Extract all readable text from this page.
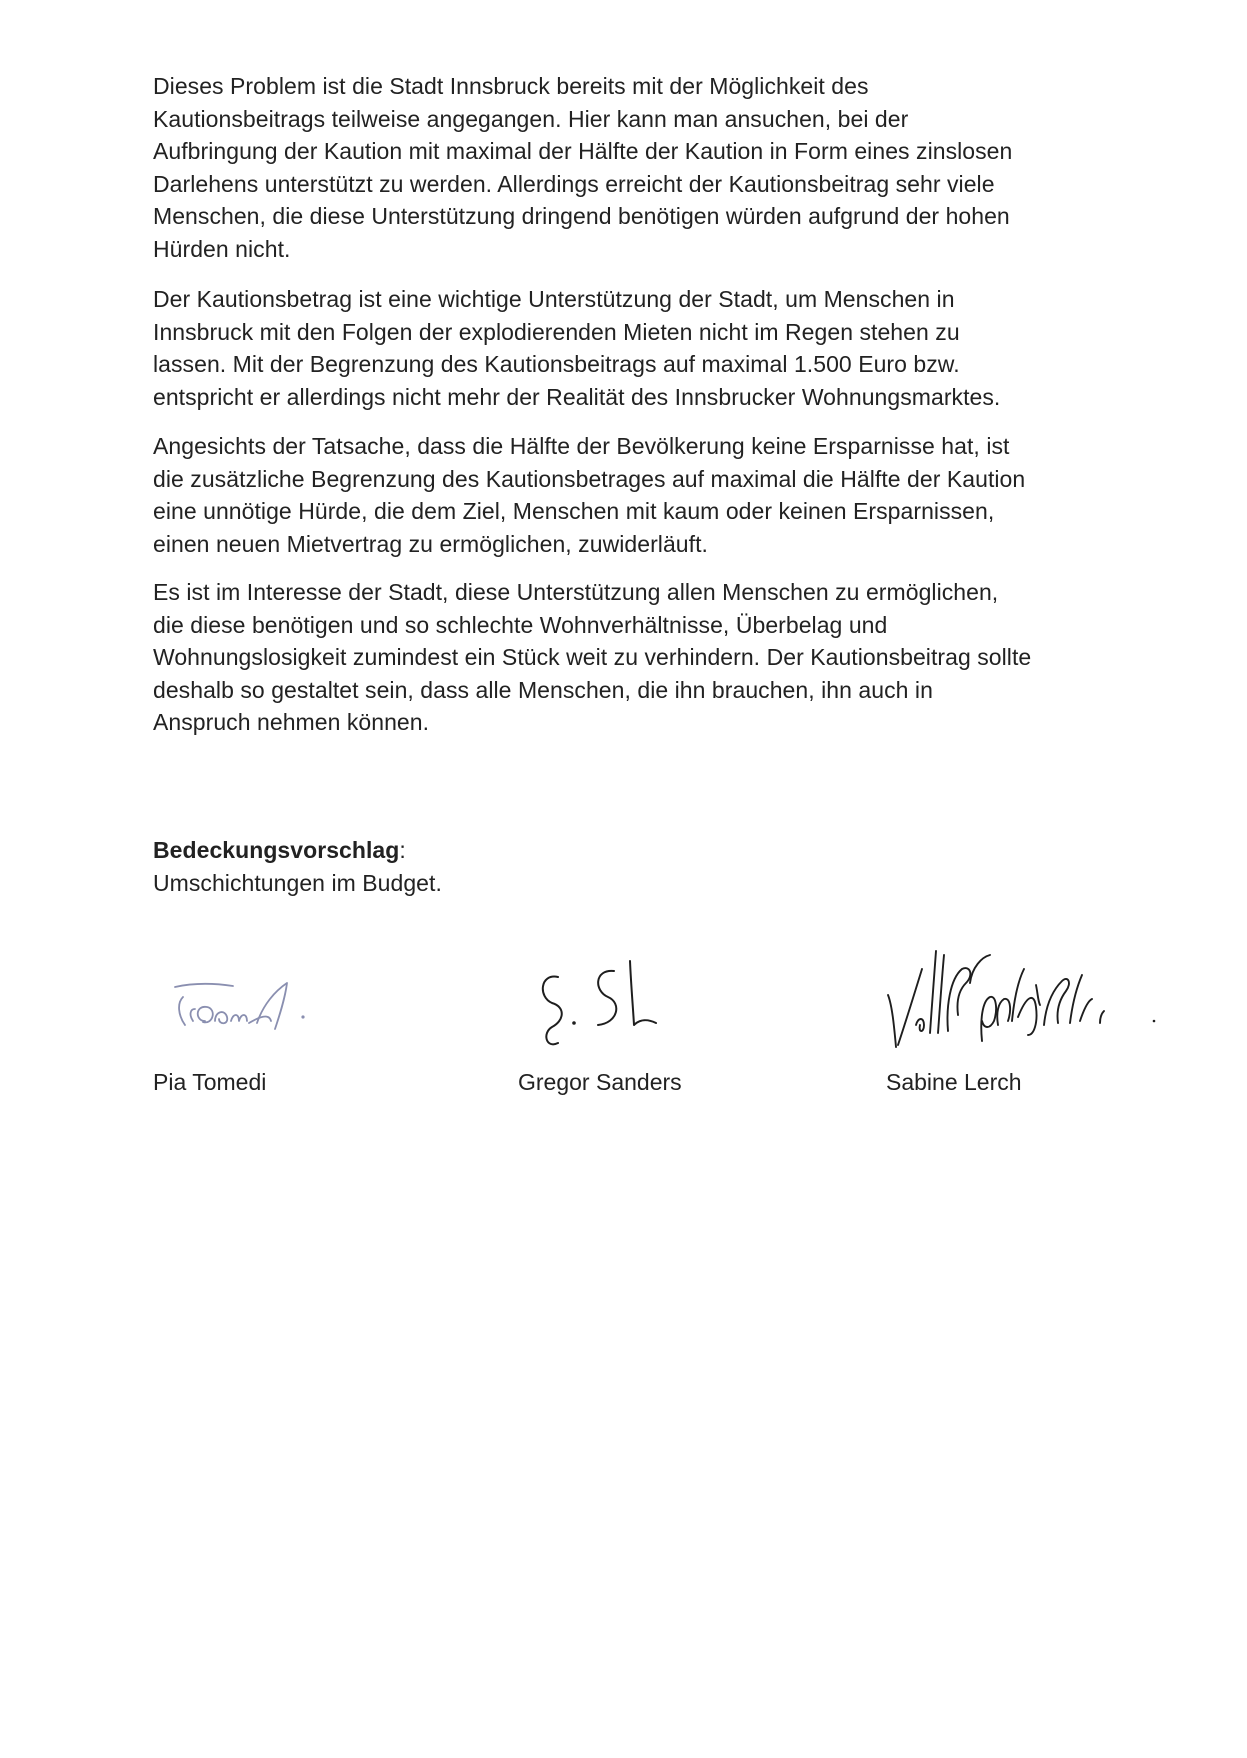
Dieses Problem ist die Stadt Innsbruck bereits mit der Möglichkeit des
Kautionsbeitrags teilweise angegangen. Hier kann man ansuchen, bei der
Aufbringung der Kaution mit maximal der Hälfte der Kaution in Form eines zinslosen
Darlehens unterstützt zu werden. Allerdings erreicht der Kautionsbeitrag sehr viele
Menschen, die diese Unterstützung dringend benötigen würden aufgrund der hohen
Hürden nicht.

Der Kautionsbetrag ist eine wichtige Unterstützung der Stadt, um Menschen in
Innsbruck mit den Folgen der explodierenden Mieten nicht im Regen stehen zu
lassen. Mit der Begrenzung des Kautionsbeitrags auf maximal 1.500 Euro bzw.
entspricht er allerdings nicht mehr der Realität des Innsbrucker Wohnungsmarktes.

Angesichts der Tatsache, dass die Hälfte der Bevölkerung keine Ersparnisse hat, ist
die zusätzliche Begrenzung des Kautionsbetrages auf maximal die Hälfte der Kaution
eine unnötige Hürde, die dem Ziel, Menschen mit kaum oder keinen Ersparnissen,
einen neuen Mietvertrag zu ermöglichen, zuwiderläuft.

Es ist im Interesse der Stadt, diese Unterstützung allen Menschen zu ermöglichen,
die diese benötigen und so schlechte Wohnverhältnisse, Überbelag und
Wohnungslosigkeit zumindest ein Stück weit zu verhindern. Der Kautionsbeitrag sollte
deshalb so gestaltet sein, dass alle Menschen, die ihn brauchen, ihn auch in
Anspruch nehmen können.

Bedeckungsvorschlag:
Umschichtungen im Budget.
Pia Tomedi	Gregor Sanders	Sabine Lerch
